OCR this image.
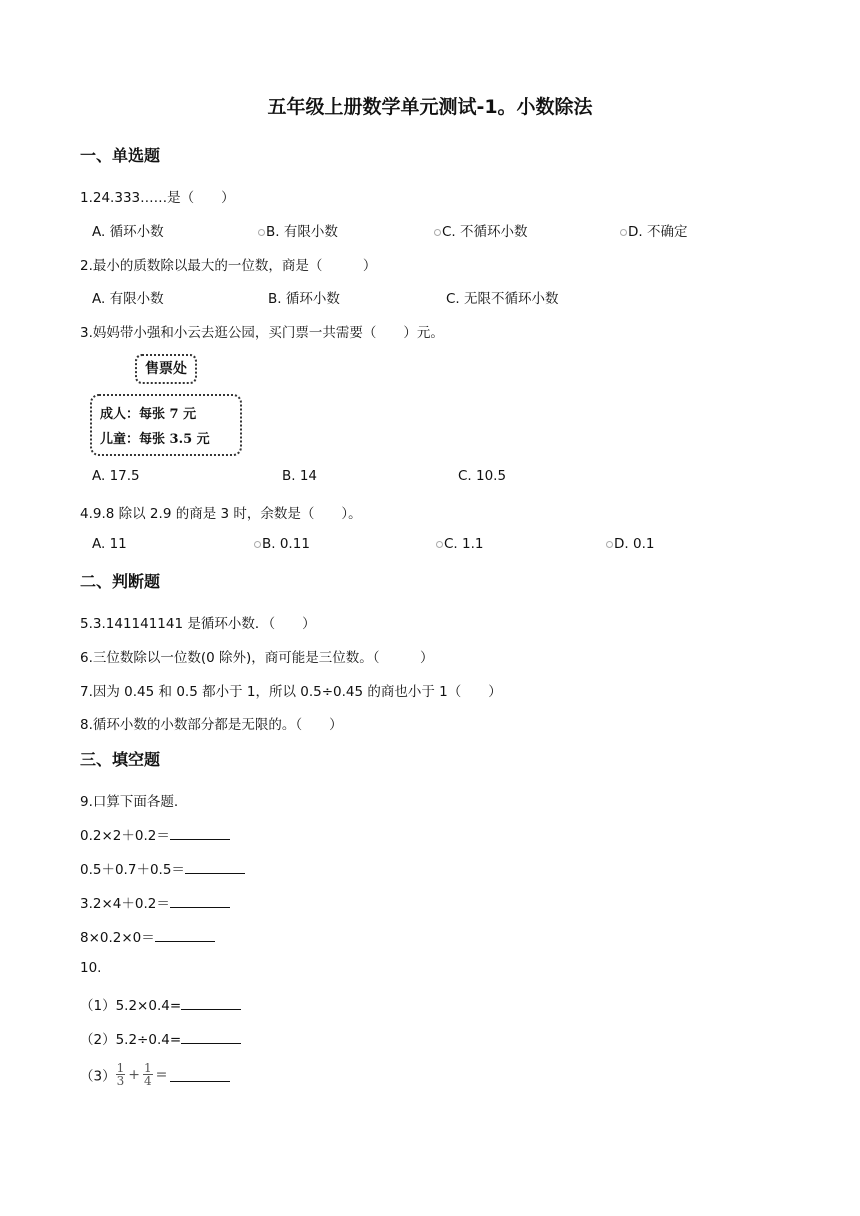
五年级上册数学单元测试-1。小数除法
一、单选题
1.24.333……是（　　）
A. 循环小数	B. 有限小数	C. 不循环小数	D. 不确定
2.最小的质数除以最大的一位数，商是（　　　）
A. 有限小数	B. 循环小数	C. 无限不循环小数
3.妈妈带小强和小云去逛公园，买门票一共需要（　　）元。
售票处
成人：每张 7 元
儿童：每张 3.5 元
A. 17.5	B. 14	C. 10.5
4.9.8 除以 2.9 的商是 3 时，余数是（　　）。
A. 11	B. 0.11	C. 1.1	D. 0.1
二、判断题
5.3.141141141 是循环小数．（　　）
6.三位数除以一位数(0 除外)，商可能是三位数。（　　　）
7.因为 0.45 和 0.5 都小于 1，所以 0.5÷0.45 的商也小于 1（　　）
8.循环小数的小数部分都是无限的。（　　）
三、填空题
9.口算下面各题.
0.2×2＋0.2＝
0.5＋0.7＋0.5＝
3.2×4＋0.2＝
8×0.2×0＝
10.
（1）5.2×0.4=
（2）5.2÷0.4=
$(3) \frac{1}{3} + \frac{1}{4}$ =
